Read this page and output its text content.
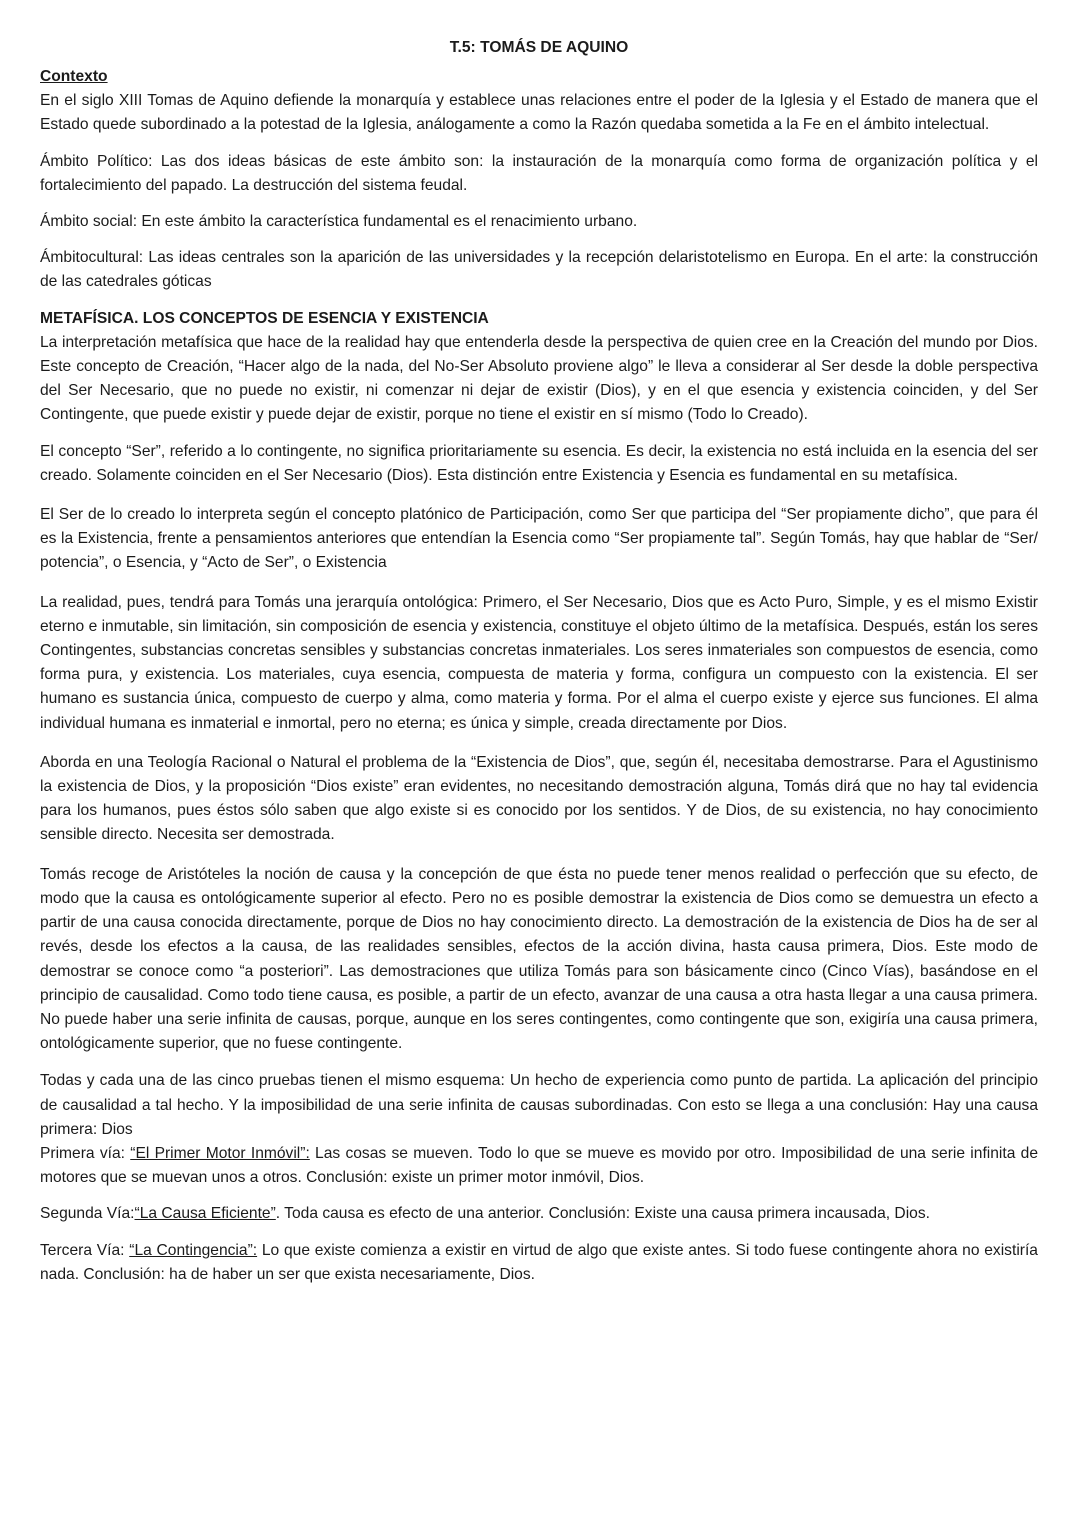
T.5: TOMÁS DE AQUINO
Contexto

En el siglo XIII Tomas de Aquino defiende la monarquía y establece unas relaciones entre el poder de la Iglesia y el Estado de manera que el Estado quede subordinado a la potestad de la Iglesia, análogamente a como la Razón quedaba sometida a la Fe en el ámbito intelectual.

Ámbito Político: Las dos ideas básicas de este ámbito son: la instauración de la monarquía como forma de organización política y el fortalecimiento del papado. La destrucción del sistema feudal.

Ámbito social: En este ámbito la característica fundamental es el renacimiento urbano.

Ámbitocultural: Las ideas centrales son la aparición de las universidades y la recepción delaristotelismo en Europa. En el arte: la construcción de las catedrales góticas

METAFÍSICA. LOS CONCEPTOS DE ESENCIA Y EXISTENCIA

La interpretación metafísica que hace de la realidad hay que entenderla desde la perspectiva de quien cree en la Creación del mundo por Dios. Este concepto de Creación, “Hacer algo de la nada, del No-Ser Absoluto proviene algo” le lleva a considerar al Ser desde la doble perspectiva del Ser Necesario, que no puede no existir, ni comenzar ni dejar de existir (Dios), y en el que esencia y existencia coinciden, y del Ser Contingente, que puede existir y puede dejar de existir, porque no tiene el existir en sí mismo (Todo lo Creado).

El concepto “Ser”, referido a lo contingente, no significa prioritariamente su esencia. Es decir, la existencia no está incluida en la esencia del ser creado. Solamente coinciden en el Ser Necesario (Dios). Esta distinción entre Existencia y Esencia es fundamental en su metafísica.

El Ser de lo creado lo interpreta según el concepto platónico de Participación, como Ser que participa del “Ser propiamente dicho”, que para él es la Existencia, frente a pensamientos anteriores que entendían la Esencia como “Ser propiamente tal”. Según Tomás, hay que hablar de “Ser/ potencia”, o Esencia, y “Acto de Ser”, o Existencia

La realidad, pues, tendrá para Tomás una jerarquía ontológica: Primero, el Ser Necesario, Dios que es Acto Puro, Simple, y es el mismo Existir eterno e inmutable, sin limitación, sin composición de esencia y existencia, constituye el objeto último de la metafísica. Después, están los seres Contingentes, substancias concretas sensibles y substancias concretas inmateriales. Los seres inmateriales son compuestos de esencia, como forma pura, y existencia. Los materiales, cuya esencia, compuesta de materia y forma, configura un compuesto con la existencia. El ser humano es sustancia única, compuesto de cuerpo y alma, como materia y forma. Por el alma el cuerpo existe y ejerce sus funciones. El alma individual humana es inmaterial e inmortal, pero no eterna; es única y simple, creada directamente por Dios.

Aborda en una Teología Racional o Natural el problema de la “Existencia de Dios”, que, según él, necesitaba demostrarse. Para el Agustinismo la existencia de Dios, y la proposición “Dios existe” eran evidentes, no necesitando demostración alguna, Tomás dirá que no hay tal evidencia para los humanos, pues éstos sólo saben que algo existe si es conocido por los sentidos. Y de Dios, de su existencia, no hay conocimiento sensible directo. Necesita ser demostrada.

Tomás recoge de Aristóteles la noción de causa y la concepción de que ésta no puede tener menos realidad o perfección que su efecto, de modo que la causa es ontológicamente superior al efecto. Pero no es posible demostrar la existencia de Dios como se demuestra un efecto a partir de una causa conocida directamente, porque de Dios no hay conocimiento directo. La demostración de la existencia de Dios ha de ser al revés, desde los efectos a la causa, de las realidades sensibles, efectos de la acción divina, hasta causa primera, Dios. Este modo de demostrar se conoce como “a posteriori”. Las demostraciones que utiliza Tomás para son básicamente cinco (Cinco Vías), basándose en el principio de causalidad. Como todo tiene causa, es posible, a partir de un efecto, avanzar de una causa a otra hasta llegar a una causa primera. No puede haber una serie infinita de causas, porque, aunque en los seres contingentes, como contingente que son, exigiría una causa primera, ontológicamente superior, que no fuese contingente.

Todas y cada una de las cinco pruebas tienen el mismo esquema: Un hecho de experiencia como punto de partida. La aplicación del principio de causalidad a tal hecho. Y la imposibilidad de una serie infinita de causas subordinadas. Con esto se llega a una conclusión: Hay una causa primera: Dios

Primera vía: “El Primer Motor Inmóvil”: Las cosas se mueven. Todo lo que se mueve es movido por otro. Imposibilidad de una serie infinita de motores que se muevan unos a otros. Conclusión: existe un primer motor inmóvil, Dios.

Segunda Vía:“La Causa Eficiente”. Toda causa es efecto de una anterior. Conclusión: Existe una causa primera incausada, Dios.

Tercera Vía: “La Contingencia”: Lo que existe comienza a existir en virtud de algo que existe antes. Si todo fuese contingente ahora no existiría nada. Conclusión: ha de haber un ser que exista necesariamente, Dios.
